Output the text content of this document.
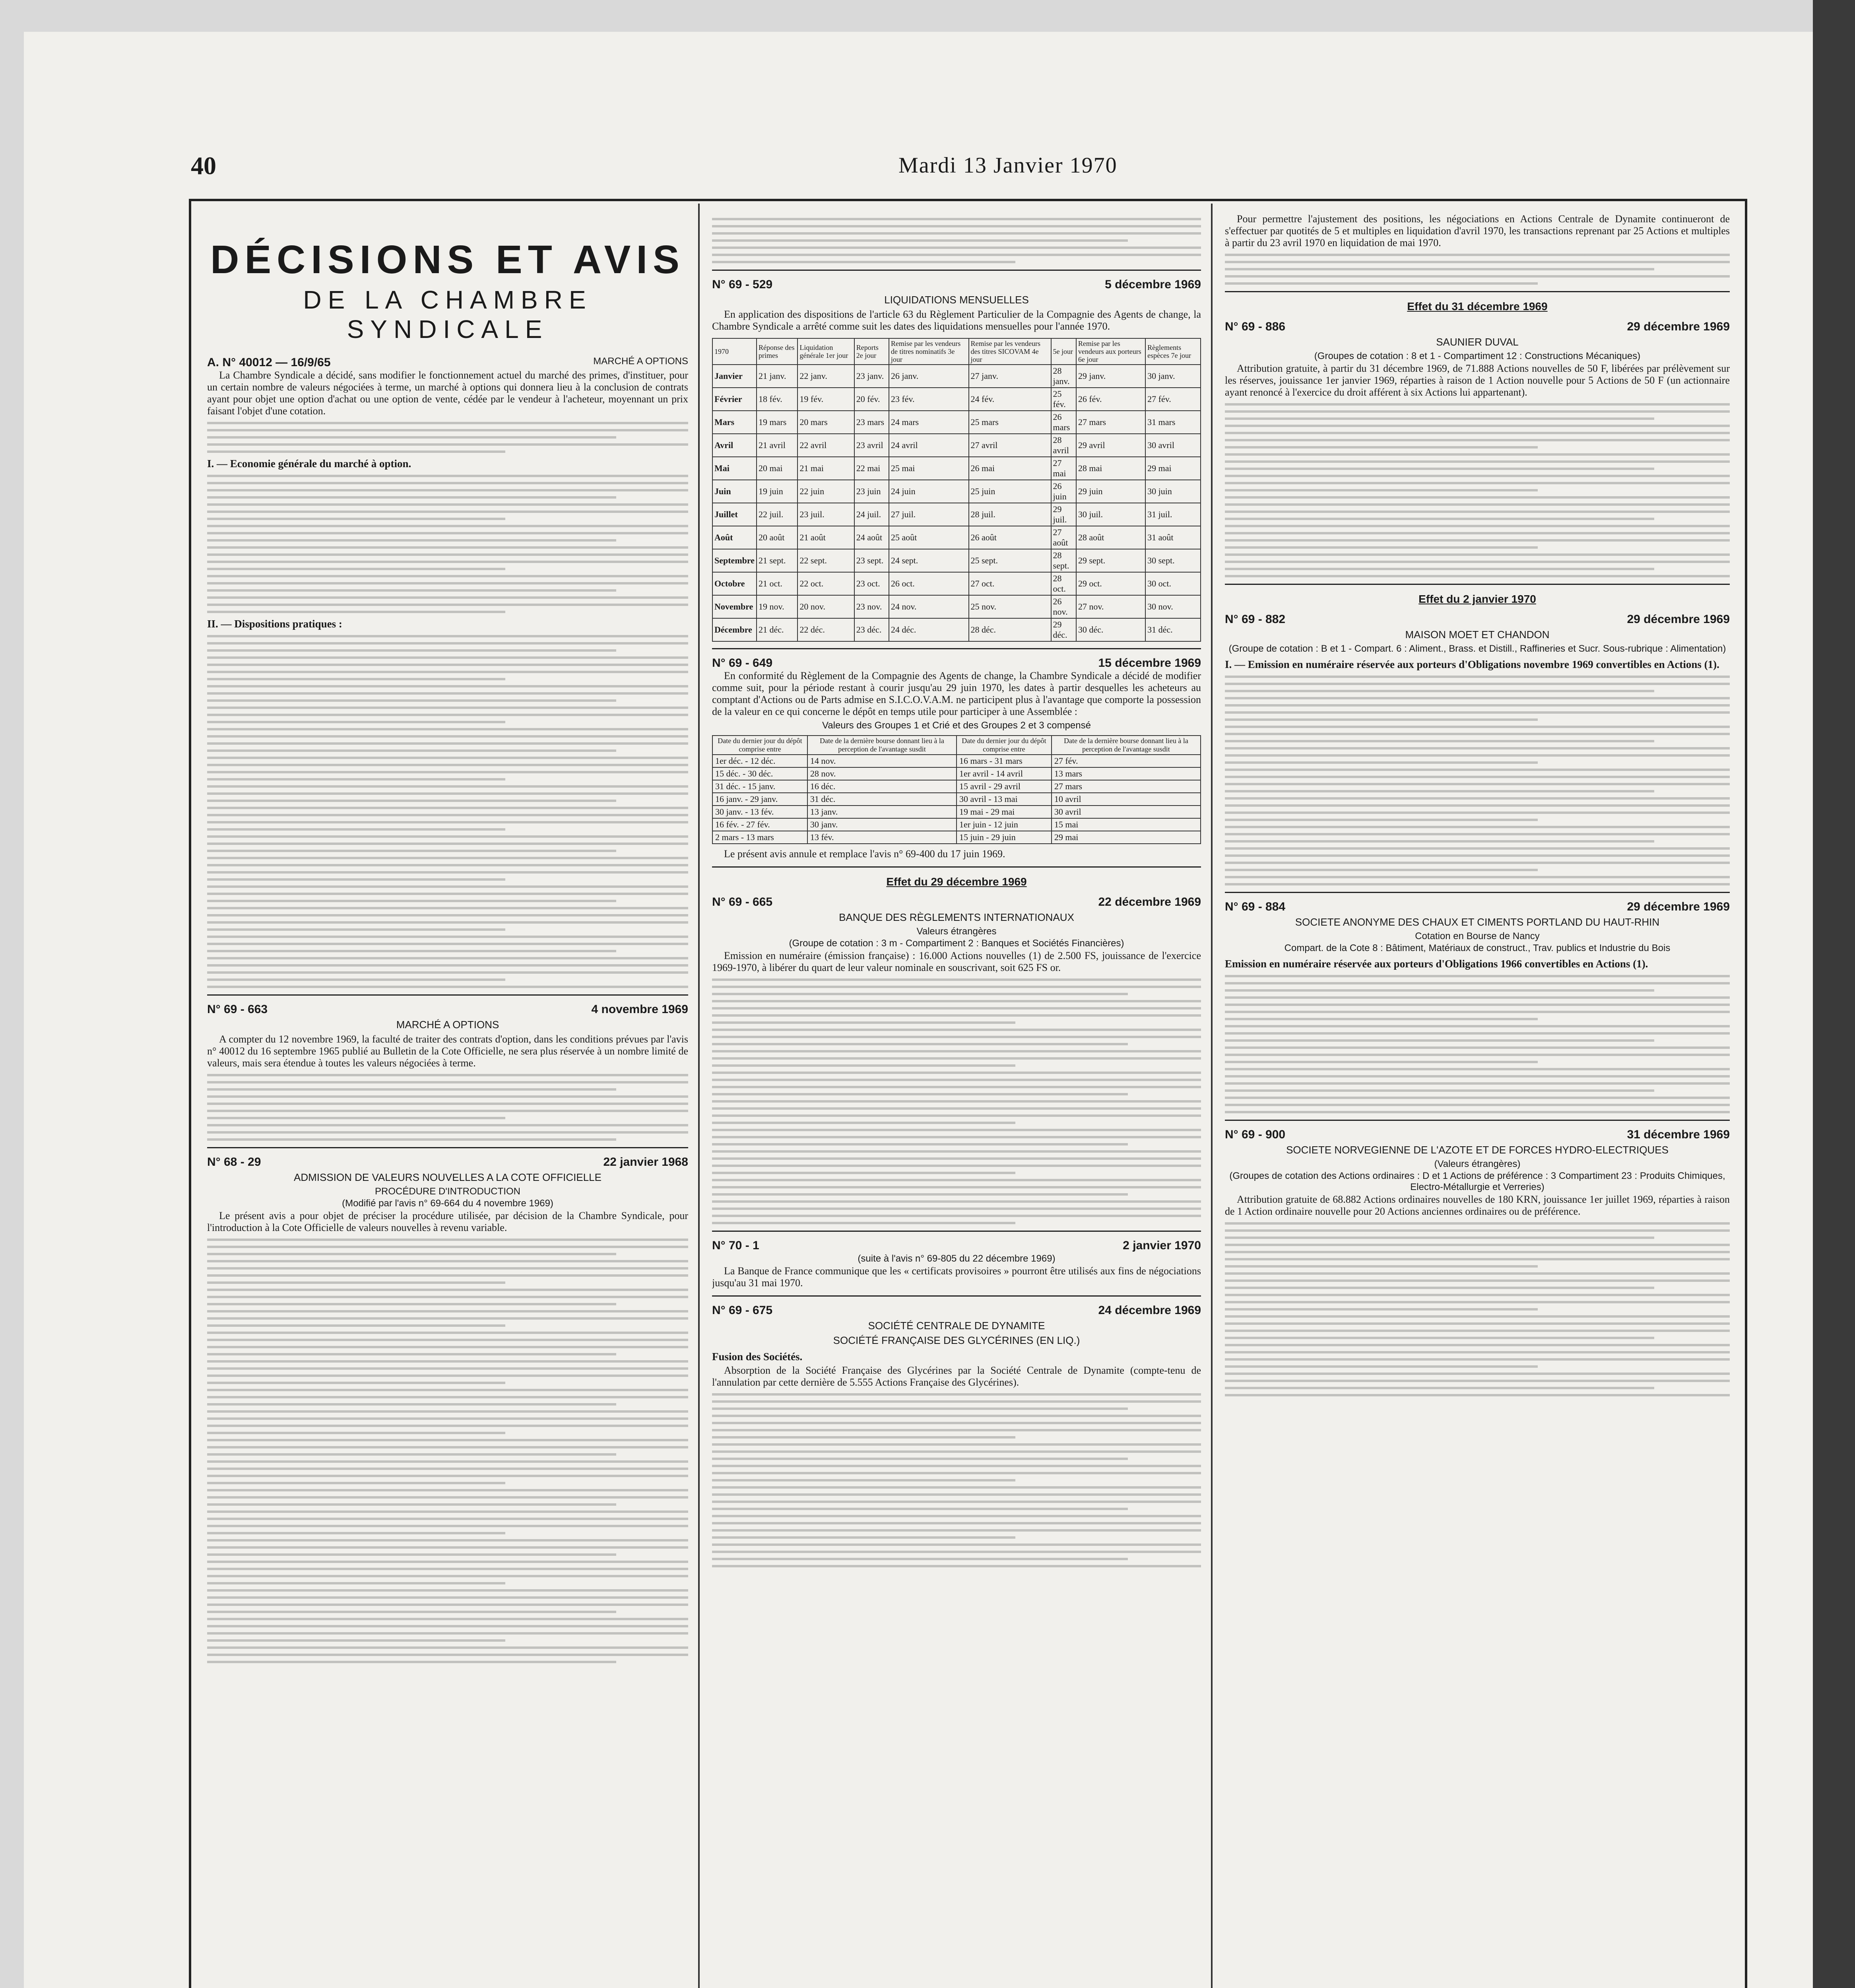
40	Mardi 13 Janvier 1970
DÉCISIONS ET AVIS
DE LA CHAMBRE SYNDICALE
A. N° 40012 — 16/9/65	MARCHÉ A OPTIONS

La Chambre Syndicale a décidé, sans modifier le fonctionnement actuel du marché des primes, d'instituer, pour un certain nombre de valeurs négociées à terme, un marché à options qui donnera lieu à la conclusion de contrats ayant pour objet une option d'achat ou une option de vente, cédée par le vendeur à l'acheteur, moyennant un prix faisant l'objet d'une cotation.

I. — Economie générale du marché à option.
II. — Dispositions pratiques :
N° 69 - 663	4 novembre 1969
MARCHÉ A OPTIONS

A compter du 12 novembre 1969, la faculté de traiter des contrats d'option, dans les conditions prévues par l'avis n° 40012 du 16 septembre 1965 publié au Bulletin de la Cote Officielle, ne sera plus réservée à un nombre limité de valeurs, mais sera étendue à toutes les valeurs négociées à terme.

N° 68 - 29	22 janvier 1968
ADMISSION DE VALEURS NOUVELLES A LA COTE OFFICIELLE
PROCÉDURE D'INTRODUCTION
(Modifié par l'avis n° 69-664 du 4 novembre 1969)

Le présent avis a pour objet de préciser la procédure utilisée, par décision de la Chambre Syndicale, pour l'introduction à la Cote Officielle de valeurs nouvelles à revenu variable.

N° 69 - 529	5 décembre 1969
LIQUIDATIONS MENSUELLES

En application des dispositions de l'article 63 du Règlement Particulier de la Compagnie des Agents de change, la Chambre Syndicale a arrêté comme suit les dates des liquidations mensuelles pour l'année 1970.

1970	Réponse des primes	Liquidation générale 1er jour	Reports 2e jour	Remise par les vendeurs de titres nominatifs 3e jour	Remise par les vendeurs des titres SICOVAM 4e jour	5e jour	Remise par les vendeurs aux porteurs 6e jour	Règlements espèces 7e jour
Janvier	21 janv.	22 janv.	23 janv.	26 janv.	27 janv.	28 janv.	29 janv.	30 janv.
Février	18 fév.	19 fév.	20 fév.	23 fév.	24 fév.	25 fév.	26 fév.	27 fév.
Mars	19 mars	20 mars	23 mars	24 mars	25 mars	26 mars	27 mars	31 mars
Avril	21 avril	22 avril	23 avril	24 avril	27 avril	28 avril	29 avril	30 avril
Mai	20 mai	21 mai	22 mai	25 mai	26 mai	27 mai	28 mai	29 mai
Juin	19 juin	22 juin	23 juin	24 juin	25 juin	26 juin	29 juin	30 juin
Juillet	22 juil.	23 juil.	24 juil.	27 juil.	28 juil.	29 juil.	30 juil.	31 juil.
Août	20 août	21 août	24 août	25 août	26 août	27 août	28 août	31 août
Septembre	21 sept.	22 sept.	23 sept.	24 sept.	25 sept.	28 sept.	29 sept.	30 sept.
Octobre	21 oct.	22 oct.	23 oct.	26 oct.	27 oct.	28 oct.	29 oct.	30 oct.
Novembre	19 nov.	20 nov.	23 nov.	24 nov.	25 nov.	26 nov.	27 nov.	30 nov.
Décembre	21 déc.	22 déc.	23 déc.	24 déc.	28 déc.	29 déc.	30 déc.	31 déc.
N° 69 - 649	15 décembre 1969

En conformité du Règlement de la Compagnie des Agents de change, la Chambre Syndicale a décidé de modifier comme suit, pour la période restant à courir jusqu'au 29 juin 1970, les dates à partir desquelles les acheteurs au comptant d'Actions ou de Parts admise en S.I.C.O.V.A.M. ne participent plus à l'avantage que comporte la possession de la valeur en ce qui concerne le dépôt en temps utile pour participer à une Assemblée :

Valeurs des Groupes 1 et Crié et des Groupes 2 et 3 compensé
Date du dernier jour du dépôt comprise entre	Date de la dernière bourse donnant lieu à la perception de l'avantage susdit	Date du dernier jour du dépôt comprise entre	Date de la dernière bourse donnant lieu à la perception de l'avantage susdit
1er déc. - 12 déc.	14 nov.	16 mars - 31 mars	27 fév.
15 déc. - 30 déc.	28 nov.	1er avril - 14 avril	13 mars
31 déc. - 15 janv.	16 déc.	15 avril - 29 avril	27 mars
16 janv. - 29 janv.	31 déc.	30 avril - 13 mai	10 avril
30 janv. - 13 fév.	13 janv.	19 mai - 29 mai	30 avril
16 fév. - 27 fév.	30 janv.	1er juin - 12 juin	15 mai
2 mars - 13 mars	13 fév.	15 juin - 29 juin	29 mai

Le présent avis annule et remplace l'avis n° 69-400 du 17 juin 1969.

Effet du 29 décembre 1969
N° 69 - 665	22 décembre 1969
BANQUE DES RÈGLEMENTS INTERNATIONAUX
Valeurs étrangères
(Groupe de cotation : 3 m - Compartiment 2 : Banques et Sociétés Financières)

Emission en numéraire (émission française) : 16.000 Actions nouvelles (1) de 2.500 FS, jouissance de l'exercice 1969-1970, à libérer du quart de leur valeur nominale en souscrivant, soit 625 FS or.

N° 70 - 1	2 janvier 1970
(suite à l'avis n° 69-805 du 22 décembre 1969)

La Banque de France communique que les « certificats provisoires » pourront être utilisés aux fins de négociations jusqu'au 31 mai 1970.

N° 69 - 675	24 décembre 1969
SOCIÉTÉ CENTRALE DE DYNAMITE
SOCIÉTÉ FRANÇAISE DES GLYCÉRINES (EN LIQ.)
Fusion des Sociétés.

Absorption de la Société Française des Glycérines par la Société Centrale de Dynamite (compte-tenu de l'annulation par cette dernière de 5.555 Actions Française des Glycérines).

Pour permettre l'ajustement des positions, les négociations en Actions Centrale de Dynamite continueront de s'effectuer par quotités de 5 et multiples en liquidation d'avril 1970, les transactions reprenant par 25 Actions et multiples à partir du 23 avril 1970 en liquidation de mai 1970.

Effet du 31 décembre 1969
N° 69 - 886	29 décembre 1969
SAUNIER DUVAL
(Groupes de cotation : 8 et 1 - Compartiment 12 : Constructions Mécaniques)

Attribution gratuite, à partir du 31 décembre 1969, de 71.888 Actions nouvelles de 50 F, libérées par prélèvement sur les réserves, jouissance 1er janvier 1969, réparties à raison de 1 Action nouvelle pour 5 Actions de 50 F (un actionnaire ayant renoncé à l'exercice du droit afférent à six Actions lui appartenant).

Effet du 2 janvier 1970
N° 69 - 882	29 décembre 1969
MAISON MOET ET CHANDON
(Groupe de cotation : B et 1 - Compart. 6 : Aliment., Brass. et Distill., Raffineries et Sucr. Sous-rubrique : Alimentation)
I. — Emission en numéraire réservée aux porteurs d'Obligations novembre 1969 convertibles en Actions (1).
N° 69 - 884	29 décembre 1969
SOCIETE ANONYME DES CHAUX ET CIMENTS PORTLAND DU HAUT-RHIN
Cotation en Bourse de Nancy
Compart. de la Cote 8 : Bâtiment, Matériaux de construct., Trav. publics et Industrie du Bois
Emission en numéraire réservée aux porteurs d'Obligations 1966 convertibles en Actions (1).
N° 69 - 900	31 décembre 1969
SOCIETE NORVEGIENNE DE L'AZOTE ET DE FORCES HYDRO-ELECTRIQUES
(Valeurs étrangères)
(Groupes de cotation des Actions ordinaires : D et 1 Actions de préférence : 3 Compartiment 23 : Produits Chimiques, Electro-Métallurgie et Verreries)

Attribution gratuite de 68.882 Actions ordinaires nouvelles de 180 KRN, jouissance 1er juillet 1969, réparties à raison de 1 Action ordinaire nouvelle pour 20 Actions anciennes ordinaires ou de préférence.
